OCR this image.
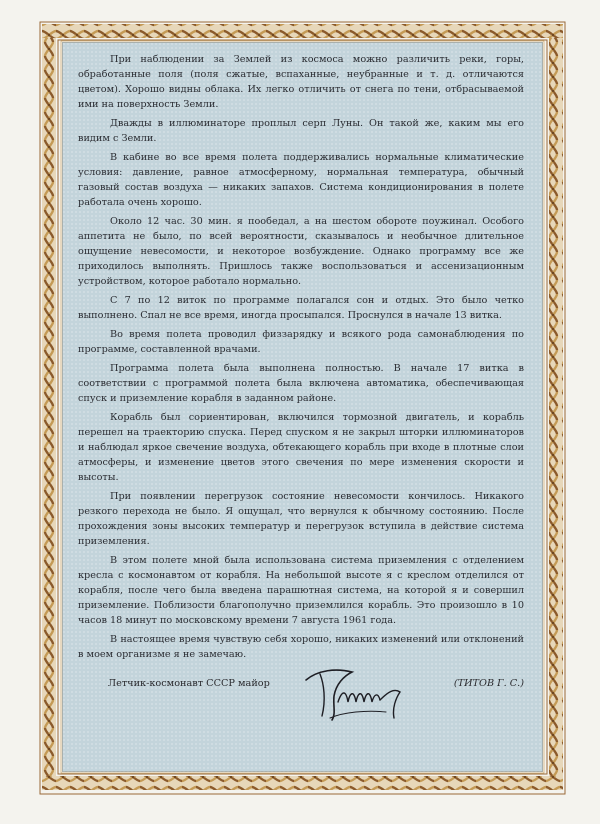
При наблюдении за Землей из космоса можно различить реки, горы, обработанные поля (поля сжатые, вспаханные, неубранные и т. д. отличаются цветом). Хорошо видны облака. Их легко отличить от снега по тени, отбрасываемой ими на поверхность Земли.

Дважды в иллюминаторе проплыл серп Луны. Он такой же, каким мы его видим с Земли.

В кабине во все время полета поддерживались нормальные климатические условия: давление, равное атмосферному, нормальная температура, обычный газовый состав воздуха — никаких запахов. Система кондиционирования в полете работала очень хорошо.

Около 12 час. 30 мин. я пообедал, а на шестом обороте поужинал. Особого аппетита не было, по всей вероятности, сказывалось и необычное длительное ощущение невесомости, и некоторое возбуждение. Однако программу все же приходилось выполнять. Пришлось также воспользоваться и ассенизационным устройством, которое работало нормально.

С 7 по 12 виток по программе полагался сон и отдых. Это было четко выполнено. Спал не все время, иногда просыпался. Проснулся в начале 13 витка.

Во время полета проводил физзарядку и всякого рода самонаблюдения по программе, составленной врачами.

Программа полета была выполнена полностью. В начале 17 витка в соответствии с программой полета была включена автоматика, обеспечивающая спуск и приземление корабля в заданном районе.

Корабль был сориентирован, включился тормозной двигатель, и корабль перешел на траекторию спуска. Перед спуском я не закрыл шторки иллюминаторов и наблюдал яркое свечение воздуха, обтекающего корабль при входе в плотные слои атмосферы, и изменение цветов этого свечения по мере изменения скорости и высоты.

При появлении перегрузок состояние невесомости кончилось. Никакого резкого перехода не было. Я ощущал, что вернулся к обычному состоянию. После прохождения зоны высоких температур и перегрузок вступила в действие система приземления.

В этом полете мной была использована система приземления с отделением кресла с космонавтом от корабля. На небольшой высоте я с креслом отделился от корабля, после чего была введена парашютная система, на которой я и совершил приземление. Поблизости благополучно приземлился корабль. Это произошло в 10 часов 18 минут по московскому времени 7 августа 1961 года.

В настоящее время чувствую себя хорошо, никаких изменений или отклонений в моем организме я не замечаю.

Летчик-космонавт СССР майор	(ТИТОВ Г. С.)
